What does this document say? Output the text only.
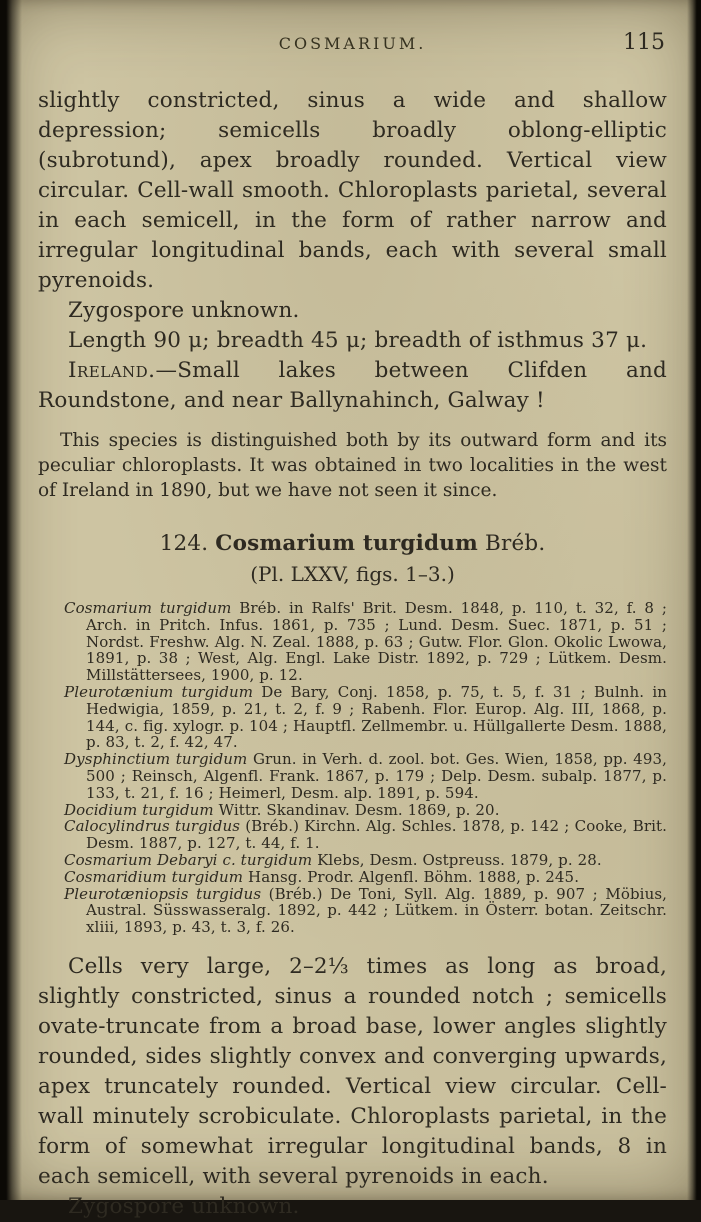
COSMARIUM.	115

slightly constricted, sinus a wide and shallow depression; semicells broadly oblong-elliptic (subrotund), apex broadly rounded. Vertical view circular. Cell-wall smooth. Chloroplasts parietal, several in each semicell, in the form of rather narrow and irregular longitudinal bands, each with several small pyrenoids.

Zygospore unknown.

Length 90 μ; breadth 45 μ; breadth of isthmus 37 μ.

Ireland.—Small lakes between Clifden and Roundstone, and near Ballynahinch, Galway !

This species is distinguished both by its outward form and its peculiar chloroplasts. It was obtained in two localities in the west of Ireland in 1890, but we have not seen it since.

124. Cosmarium turgidum Bréb.

(Pl. LXXV, figs. 1–3.)

Cosmarium turgidum Bréb. in Ralfs' Brit. Desm. 1848, p. 110, t. 32, f. 8 ; Arch. in Pritch. Infus. 1861, p. 735 ; Lund. Desm. Suec. 1871, p. 51 ; Nordst. Freshw. Alg. N. Zeal. 1888, p. 63 ; Gutw. Flor. Glon. Okolic Lwowa, 1891, p. 38 ; West, Alg. Engl. Lake Distr. 1892, p. 729 ; Lütkem. Desm. Millstättersees, 1900, p. 12.

Pleurotænium turgidum De Bary, Conj. 1858, p. 75, t. 5, f. 31 ; Bulnh. in Hedwigia, 1859, p. 21, t. 2, f. 9 ; Rabenh. Flor. Europ. Alg. III, 1868, p. 144, c. fig. xylogr. p. 104 ; Hauptfl. Zellmembr. u. Hüllgallerte Desm. 1888, p. 83, t. 2, f. 42, 47.

Dysphinctium turgidum Grun. in Verh. d. zool. bot. Ges. Wien, 1858, pp. 493, 500 ; Reinsch, Algenfl. Frank. 1867, p. 179 ; Delp. Desm. subalp. 1877, p. 133, t. 21, f. 16 ; Heimerl, Desm. alp. 1891, p. 594.

Docidium turgidum Wittr. Skandinav. Desm. 1869, p. 20.

Calocylindrus turgidus (Bréb.) Kirchn. Alg. Schles. 1878, p. 142 ; Cooke, Brit. Desm. 1887, p. 127, t. 44, f. 1.

Cosmarium Debaryi c. turgidum Klebs, Desm. Ostpreuss. 1879, p. 28.

Cosmaridium turgidum Hansg. Prodr. Algenfl. Böhm. 1888, p. 245.

Pleurotæniopsis turgidus (Bréb.) De Toni, Syll. Alg. 1889, p. 907 ; Möbius, Austral. Süsswasseralg. 1892, p. 442 ; Lütkem. in Österr. botan. Zeitschr. xliii, 1893, p. 43, t. 3, f. 26.

Cells very large, 2–2⅓ times as long as broad, slightly constricted, sinus a rounded notch ; semicells ovate-truncate from a broad base, lower angles slightly rounded, sides slightly convex and converging upwards, apex truncately rounded. Vertical view circular. Cell-wall minutely scrobiculate. Chloroplasts parietal, in the form of somewhat irregular longitudinal bands, 8 in each semicell, with several pyrenoids in each.

Zygospore unknown.
